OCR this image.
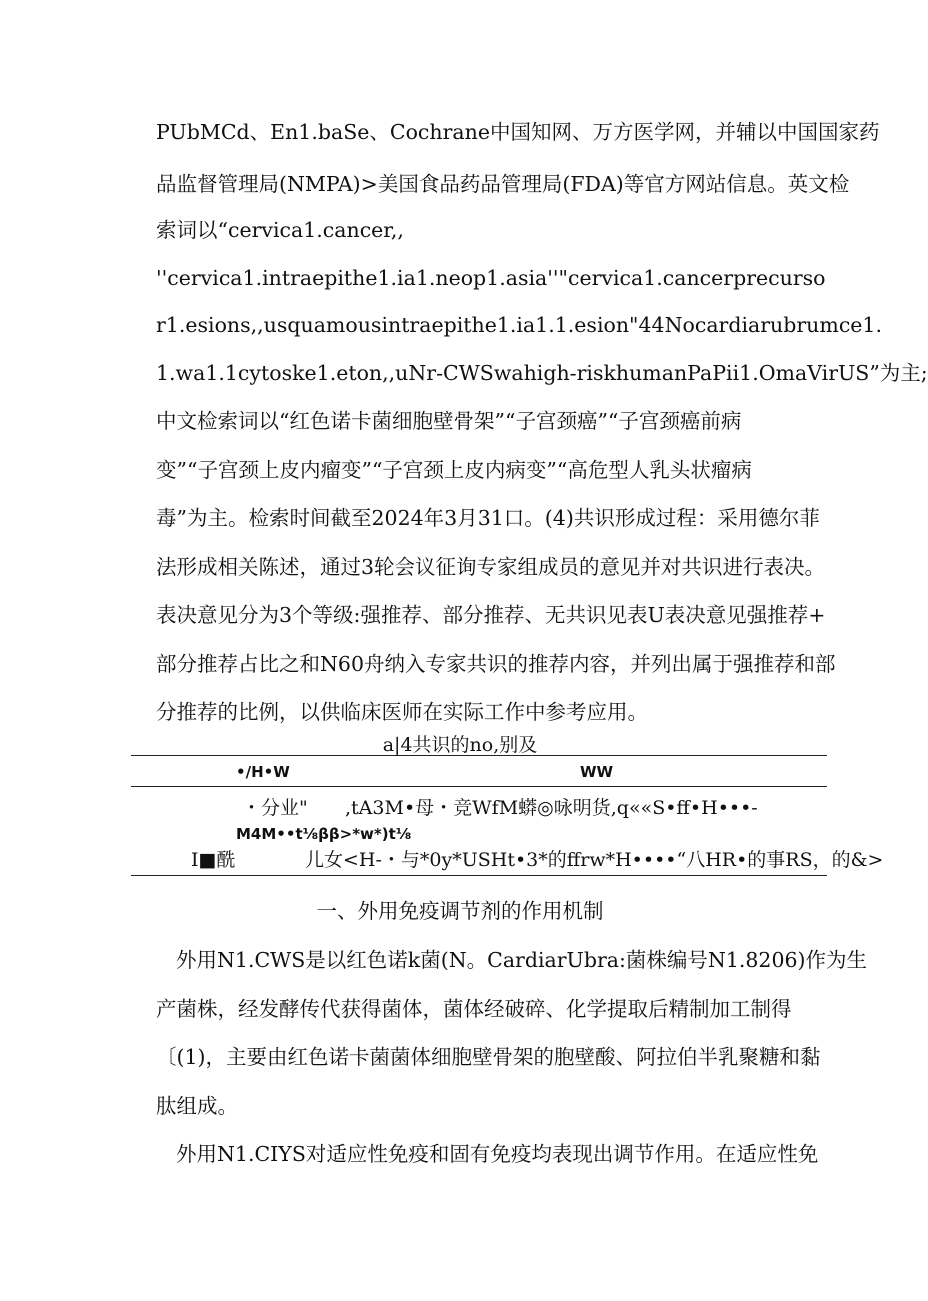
PUbMCd、En1.baSe、Cochrane中国知网、万方医学网，并辅以中国国家药
品监督管理局(NMPA)>美国食品药品管理局(FDA)等官方网站信息。英文检
索词以“cervica1.cancer,,
''cervica1.intraepithe1.ia1.neop1.asia''"cervica1.cancerprecurso
r1.esions,,usquamousintraepithe1.ia1.1.esion"44Nocardiarubrumce1.
1.wa1.1cytoske1.eton,,uNr-CWSwahigh-riskhumanPaPii1.OmaVirUS”为主;
中文检索词以“红色诺卡菌细胞壁骨架”“子宫颈癌”“子宫颈癌前病
变”“子宫颈上皮内瘤变”“子宫颈上皮内病变”“高危型人乳头状瘤病
毒”为主。检索时间截至2024年3月31口。(4)共识形成过程：采用德尔菲
法形成相关陈述，通过3轮会议征询专家组成员的意见并对共识进行表决。
表决意见分为3个等级:强推荐、部分推荐、无共识见表U表决意见强推荐+
部分推荐占比之和N60舟纳入专家共识的推荐内容，并列出属于强推荐和部
分推荐的比例，以供临床医师在实际工作中参考应用。
a|4共识的no,别及
•/H•W	WW
・分业" ,tA3M•母・竞WfM蟒◎咏明货,q««S•ff•H•••-
M4M••t⅛ββ>*w*)t⅛
I■酰	儿女<H-・与*0y*USHt•3*的ffrw*H••••“八HR•的事RS，的&>
一、外用免疫调节剂的作用机制
外用N1.CWS是以红色诺k菌(N。CardiarUbra:菌株编号N1.8206)作为生
产菌株，经发酵传代获得菌体，菌体经破碎、化学提取后精制加工制得
〔(1)，主要由红色诺卡菌菌体细胞壁骨架的胞壁酸、阿拉伯半乳聚糖和黏
肽组成。
外用N1.CIYS对适应性免疫和固有免疫均表现出调节作用。在适应性免
